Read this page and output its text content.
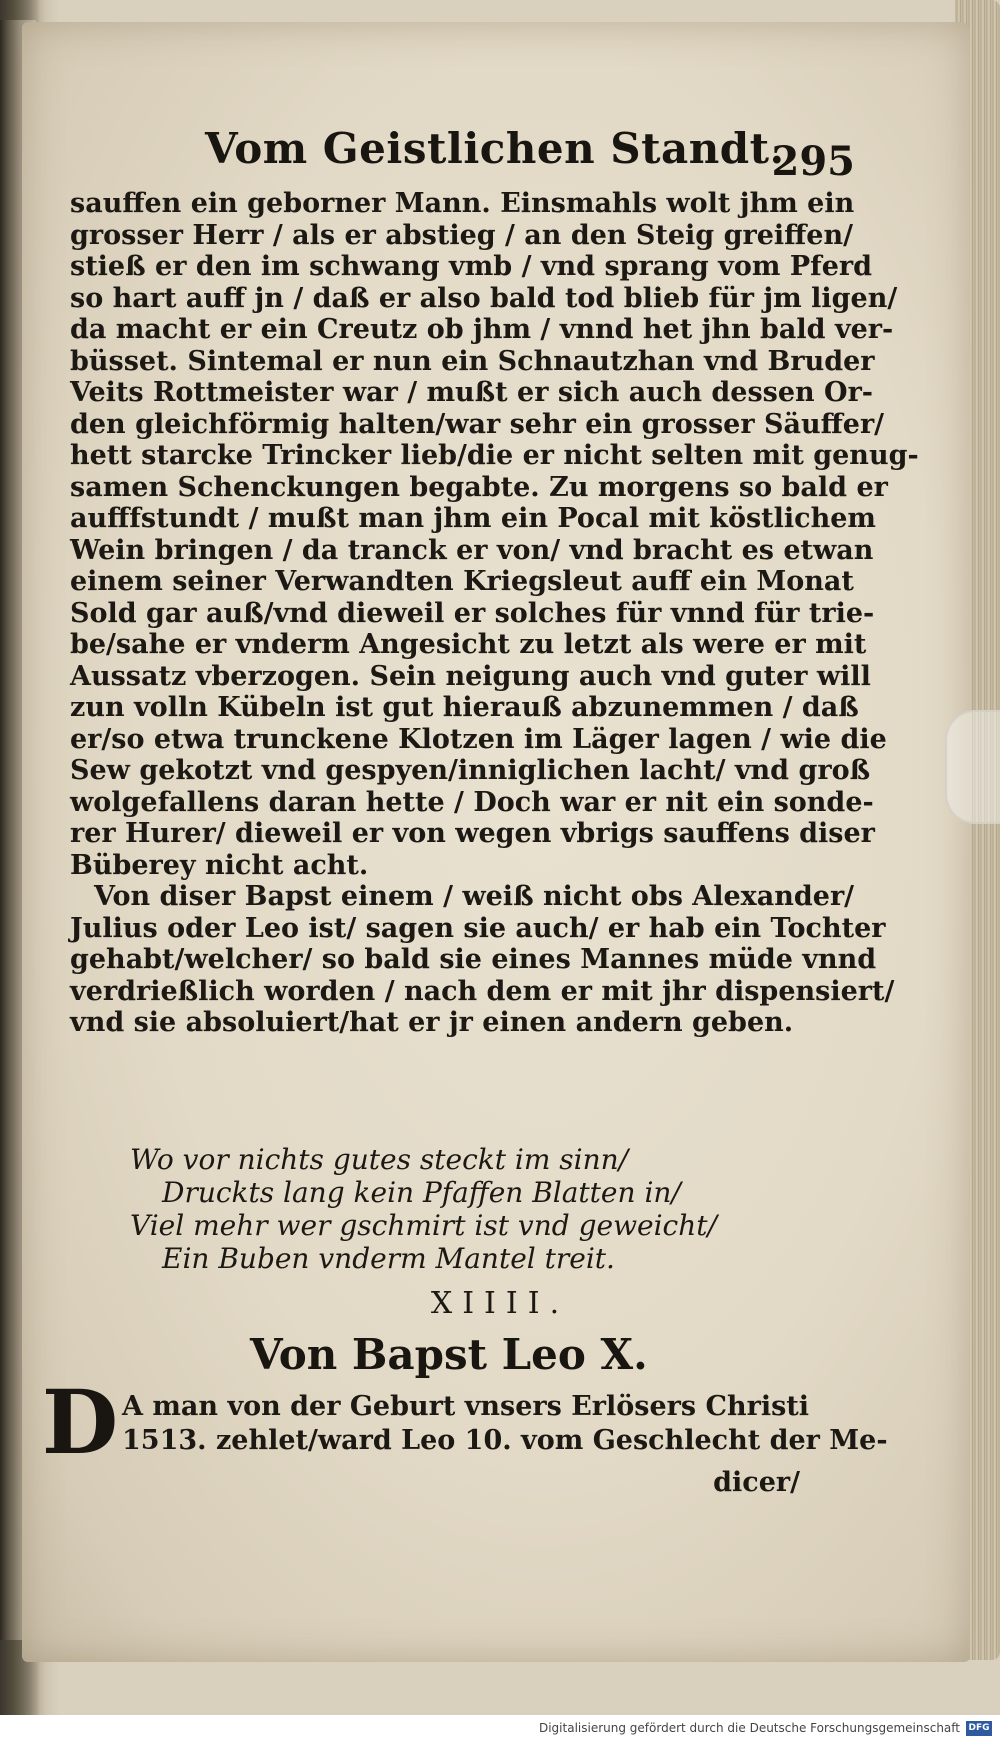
Vom Geistlichen Standt.
295
sauffen ein geborner Mann. Einsmahls wolt jhm ein
grosser Herr / als er abstieg / an den Steig greiffen/
stieß er den im schwang vmb / vnd sprang vom Pferd
so hart auff jn / daß er also bald tod blieb für jm ligen/
da macht er ein Creutz ob jhm / vnnd het jhn bald ver-
büsset. Sintemal er nun ein Schnautzhan vnd Bruder
Veits Rottmeister war / mußt er sich auch dessen Or-
den gleichförmig halten/war sehr ein grosser Säuffer/
hett starcke Trincker lieb/die er nicht selten mit genug-
samen Schenckungen begabte. Zu morgens so bald er
aufffstundt / mußt man jhm ein Pocal mit köstlichem
Wein bringen / da tranck er von/ vnd bracht es etwan
einem seiner Verwandten Kriegsleut auff ein Monat
Sold gar auß/vnd dieweil er solches für vnnd für trie-
be/sahe er vnderm Angesicht zu letzt als were er mit
Aussatz vberzogen. Sein neigung auch vnd guter will
zun volln Kübeln ist gut hierauß abzunemmen / daß
er/so etwa trunckene Klotzen im Läger lagen / wie die
Sew gekotzt vnd gespyen/inniglichen lacht/ vnd groß
wolgefallens daran hette / Doch war er nit ein sonde-
rer Hurer/ dieweil er von wegen vbrigs sauffens diser
Büberey nicht acht.
Von diser Bapst einem / weiß nicht obs Alexander/
Julius oder Leo ist/ sagen sie auch/ er hab ein Tochter
gehabt/welcher/ so bald sie eines Mannes müde vnnd
verdrießlich worden / nach dem er mit jhr dispensiert/
vnd sie absoluiert/hat er jr einen andern geben.
Wo vor nichts gutes steckt im sinn/
Druckts lang kein Pfaffen Blatten in/
Viel mehr wer gschmirt ist vnd geweicht/
Ein Buben vnderm Mantel treit.
XIIII.
Von Bapst Leo X.
D A man von der Geburt vnsers Erlösers Christi
1513. zehlet/ward Leo 10. vom Geschlecht der Me-
dicer/
Digitalisierung gefördert durch die Deutsche Forschungsgemeinschaft DFG
